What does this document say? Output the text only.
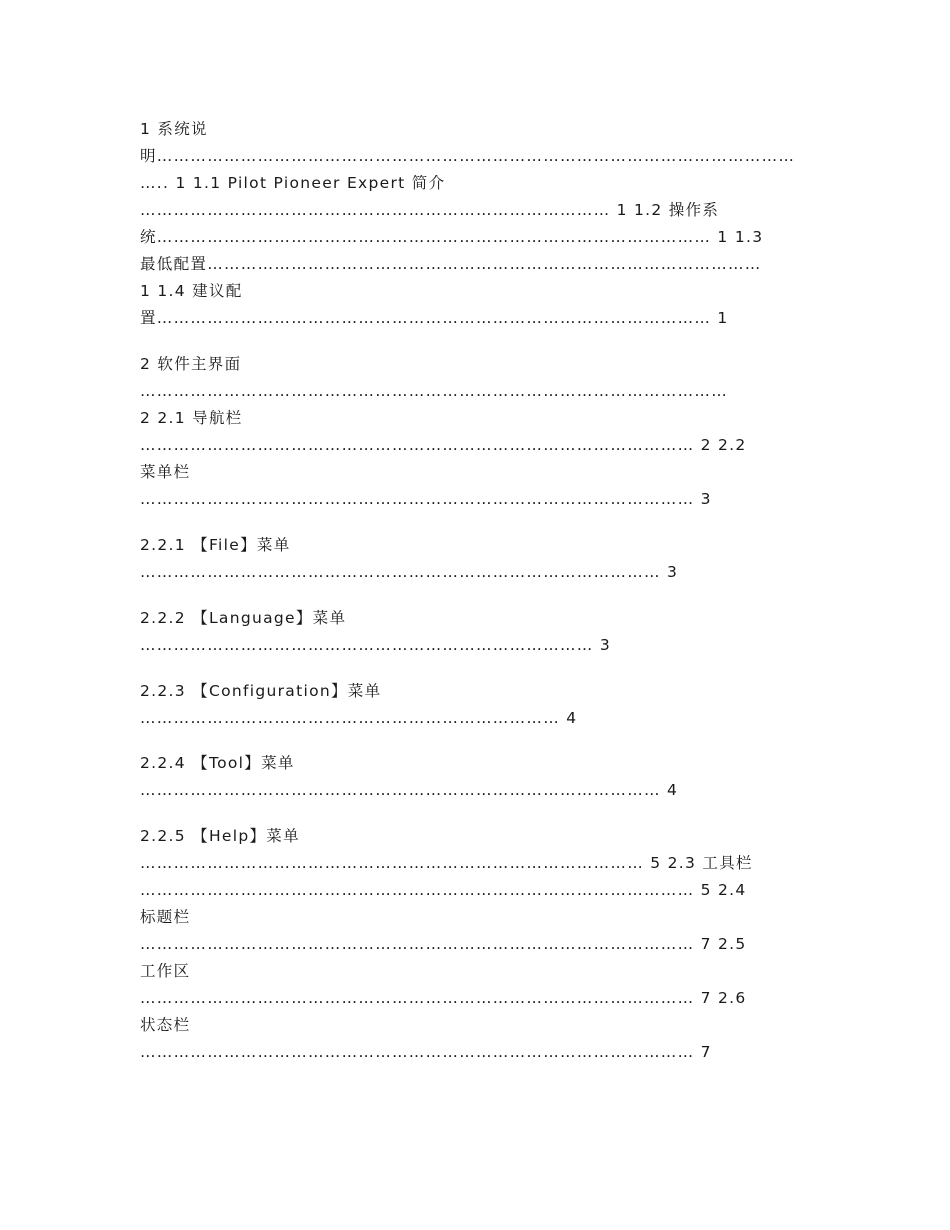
1 系统说
明……………………………………………………………………………………………………
….. 1 1.1 Pilot Pioneer Expert 简介
………………………………………………………………………… 1 1.2 操作系
统……………………………………………………………………………………… 1 1.3
最低配置………………………………………………………………………………………
1 1.4 建议配
置……………………………………………………………………………………… 1
2 软件主界面
……………………………………………………………………………………………
2 2.1 导航栏
……………………………………………………………………………………… 2 2.2
菜单栏
……………………………………………………………………………………… 3
2.2.1 【File】菜单
………………………………………………………………………………… 3
2.2.2 【Language】菜单
……………………………………………………………………… 3
2.2.3 【Configuration】菜单
………………………………………………………………… 4
2.2.4 【Tool】菜单
………………………………………………………………………………… 4
2.2.5 【Help】菜单
……………………………………………………………………………… 5 2.3 工具栏
……………………………………………………………………………………… 5 2.4
标题栏
……………………………………………………………………………………… 7 2.5
工作区
……………………………………………………………………………………… 7 2.6
状态栏
……………………………………………………………………………………… 7
